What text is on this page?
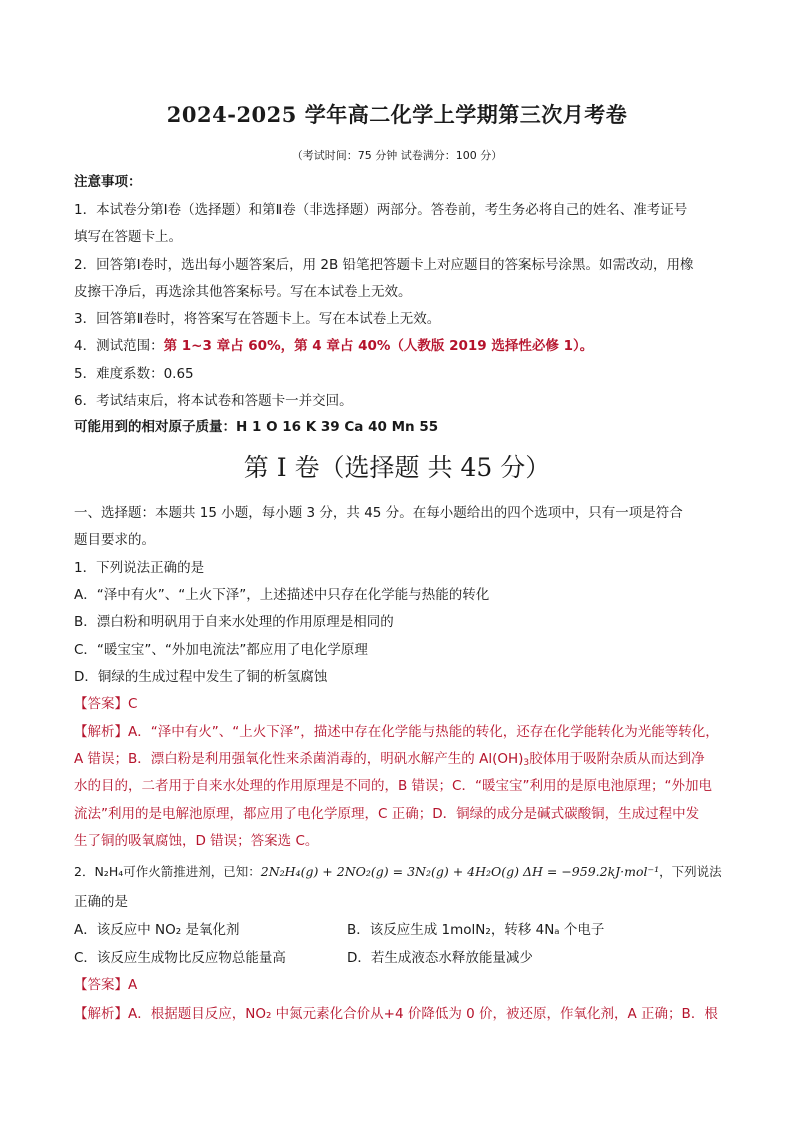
2024-2025 学年高二化学上学期第三次月考卷
（考试时间：75 分钟 试卷满分：100 分）
注意事项：
1．本试卷分第Ⅰ卷（选择题）和第Ⅱ卷（非选择题）两部分。答卷前，考生务必将自己的姓名、准考证号
填写在答题卡上。
2．回答第Ⅰ卷时，选出每小题答案后，用 2B 铅笔把答题卡上对应题目的答案标号涂黑。如需改动，用橡
皮擦干净后，再选涂其他答案标号。写在本试卷上无效。
3．回答第Ⅱ卷时，将答案写在答题卡上。写在本试卷上无效。
4．测试范围：第 1~3 章占 60%，第 4 章占 40%（人教版 2019 选择性必修 1）。
5．难度系数：0.65
6．考试结束后，将本试卷和答题卡一并交回。
可能用到的相对原子质量：H 1 O 16 K 39 Ca 40 Mn 55
第 I 卷（选择题 共 45 分）
一、选择题：本题共 15 小题，每小题 3 分，共 45 分。在每小题给出的四个选项中，只有一项是符合
题目要求的。
1．下列说法正确的是
A．“泽中有火”、“上火下泽”，上述描述中只存在化学能与热能的转化
B．漂白粉和明矾用于自来水处理的作用原理是相同的
C．“暖宝宝”、“外加电流法”都应用了电化学原理
D．铜绿的生成过程中发生了铜的析氢腐蚀
【答案】C
【解析】A．“泽中有火”、“上火下泽”，描述中存在化学能与热能的转化，还存在化学能转化为光能等转化，
A 错误；B．漂白粉是利用强氧化性来杀菌消毒的，明矾水解产生的 $Al(OH)_3$胶体用于吸附杂质从而达到净
水的目的，二者用于自来水处理的作用原理是不同的，B 错误；C．“暖宝宝”利用的是原电池原理；“外加电
流法”利用的是电解池原理，都应用了电化学原理，C 正确；D．铜绿的成分是碱式碳酸铜，生成过程中发
生了铜的吸氧腐蚀，D 错误；答案选 C。
2．N₂H₄可作火箭推进剂，已知：2N₂H₄(g) + 2NO₂(g) = 3N₂(g) + 4H₂O(g) ΔH = −959.2kJ·mol⁻¹，下列说法
正确的是
A．该反应中 NO₂ 是氧化剂	B．该反应生成 1molN₂，转移 4Nₐ 个电子
C．该反应生成物比反应物总能量高	D．若生成液态水释放能量减少
【答案】A
【解析】A．根据题目反应，NO₂ 中氮元素化合价从+4 价降低为 0 价，被还原，作氧化剂，A 正确；B．根
